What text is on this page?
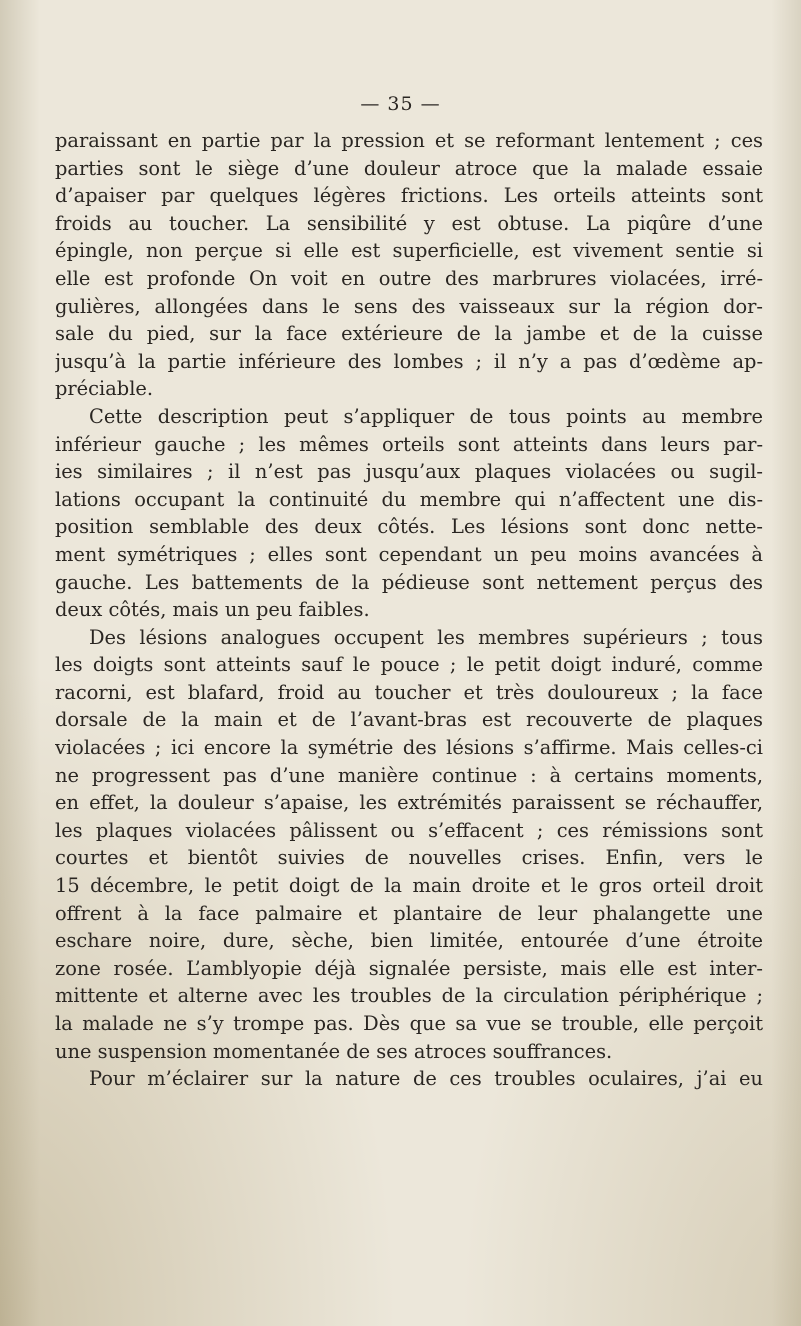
— 35 —
paraissant en partie par la pression et se reformant lentement ; ces
parties sont le siège d’une douleur atroce que la malade essaie
d’apaiser par quelques légères frictions. Les orteils atteints sont
froids au toucher. La sensibilité y est obtuse. La piqûre d’une
épingle, non perçue si elle est superficielle, est vivement sentie si
elle est profonde On voit en outre des marbrures violacées, irré-
gulières, allongées dans le sens des vaisseaux sur la région dor-
sale du pied, sur la face extérieure de la jambe et de la cuisse
jusqu’à la partie inférieure des lombes ; il n’y a pas d’œdème ap-
préciable.
Cette description peut s’appliquer de tous points au membre
inférieur gauche ; les mêmes orteils sont atteints dans leurs par-
ies similaires ; il n’est pas jusqu’aux plaques violacées ou sugil-
lations occupant la continuité du membre qui n’affectent une dis-
position semblable des deux côtés. Les lésions sont donc nette-
ment symétriques ; elles sont cependant un peu moins avancées à
gauche. Les battements de la pédieuse sont nettement perçus des
deux côtés, mais un peu faibles.
Des lésions analogues occupent les membres supérieurs ; tous
les doigts sont atteints sauf le pouce ; le petit doigt induré, comme
racorni, est blafard, froid au toucher et très douloureux ; la face
dorsale de la main et de l’avant-bras est recouverte de plaques
violacées ; ici encore la symétrie des lésions s’affirme. Mais celles-ci
ne progressent pas d’une manière continue : à certains moments,
en effet, la douleur s’apaise, les extrémités paraissent se réchauffer,
les plaques violacées pâlissent ou s’effacent ; ces rémissions sont
courtes et bientôt suivies de nouvelles crises. Enfin, vers le
15 décembre, le petit doigt de la main droite et le gros orteil droit
offrent à la face palmaire et plantaire de leur phalangette une
eschare noire, dure, sèche, bien limitée, entourée d’une étroite
zone rosée. L’amblyopie déjà signalée persiste, mais elle est inter-
mittente et alterne avec les troubles de la circulation périphérique ;
la malade ne s’y trompe pas. Dès que sa vue se trouble, elle perçoit
une suspension momentanée de ses atroces souffrances.
Pour m’éclairer sur la nature de ces troubles oculaires, j’ai eu
